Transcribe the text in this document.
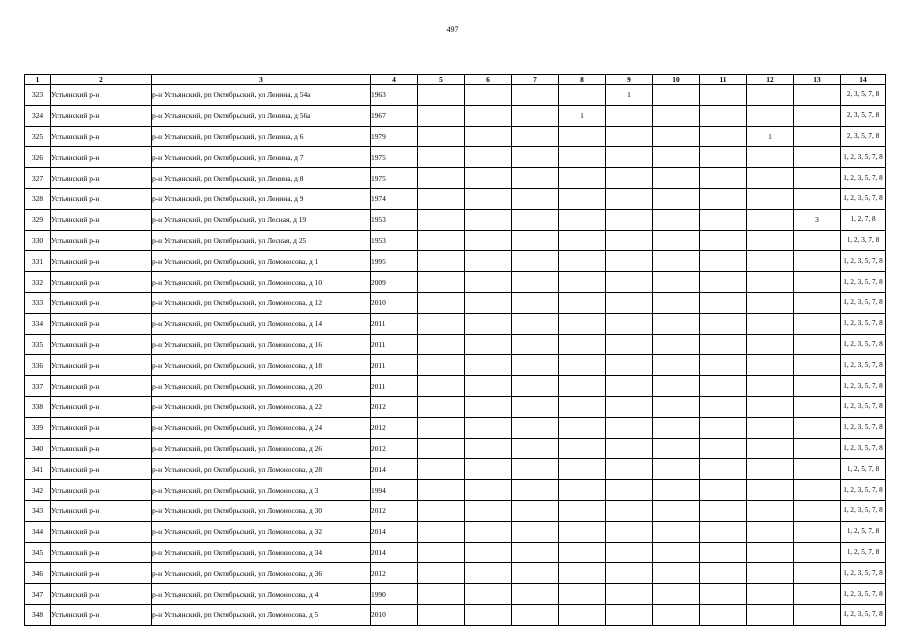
497
1	2	3	4	5	6	7	8	9	10	11	12	13	14
323	Устьянский р-н	р-н Устьянский, рп Октябрьский, ул Ленина, д 54а	1963					1					2, 3, 5, 7, 8
324	Устьянский р-н	р-н Устьянский, рп Октябрьский, ул Ленина, д 56а	1967				1						2, 3, 5, 7, 8
325	Устьянский р-н	р-н Устьянский, рп Октябрьский, ул Ленина, д 6	1979								1		2, 3, 5, 7, 8
326	Устьянский р-н	р-н Устьянский, рп Октябрьский, ул Ленина, д 7	1975										1, 2, 3, 5, 7, 8
327	Устьянский р-н	р-н Устьянский, рп Октябрьский, ул Ленина, д 8	1975										1, 2, 3, 5, 7, 8
328	Устьянский р-н	р-н Устьянский, рп Октябрьский, ул Ленина, д 9	1974										1, 2, 3, 5, 7, 8
329	Устьянский р-н	р-н Устьянский, рп Октябрьский, ул Лесная, д 19	1953									3	1, 2, 7, 8
330	Устьянский р-н	р-н Устьянский, рп Октябрьский, ул Лесная, д 25	1953										1, 2, 3, 7, 8
331	Устьянский р-н	р-н Устьянский, рп Октябрьский, ул Ломоносова, д 1	1995										1, 2, 3, 5, 7, 8
332	Устьянский р-н	р-н Устьянский, рп Октябрьский, ул Ломоносова, д 10	2009										1, 2, 3, 5, 7, 8
333	Устьянский р-н	р-н Устьянский, рп Октябрьский, ул Ломоносова, д 12	2010										1, 2, 3, 5, 7, 8
334	Устьянский р-н	р-н Устьянский, рп Октябрьский, ул Ломоносова, д 14	2011										1, 2, 3, 5, 7, 8
335	Устьянский р-н	р-н Устьянский, рп Октябрьский, ул Ломоносова, д 16	2011										1, 2, 3, 5, 7, 8
336	Устьянский р-н	р-н Устьянский, рп Октябрьский, ул Ломоносова, д 18	2011										1, 2, 3, 5, 7, 8
337	Устьянский р-н	р-н Устьянский, рп Октябрьский, ул Ломоносова, д 20	2011										1, 2, 3, 5, 7, 8
338	Устьянский р-н	р-н Устьянский, рп Октябрьский, ул Ломоносова, д 22	2012										1, 2, 3, 5, 7, 8
339	Устьянский р-н	р-н Устьянский, рп Октябрьский, ул Ломоносова, д 24	2012										1, 2, 3, 5, 7, 8
340	Устьянский р-н	р-н Устьянский, рп Октябрьский, ул Ломоносова, д 26	2012										1, 2, 3, 5, 7, 8
341	Устьянский р-н	р-н Устьянский, рп Октябрьский, ул Ломоносова, д 28	2014										1, 2, 5, 7, 8
342	Устьянский р-н	р-н Устьянский, рп Октябрьский, ул Ломоносова, д 3	1994										1, 2, 3, 5, 7, 8
343	Устьянский р-н	р-н Устьянский, рп Октябрьский, ул Ломоносова, д 30	2012										1, 2, 3, 5, 7, 8
344	Устьянский р-н	р-н Устьянский, рп Октябрьский, ул Ломоносова, д 32	2014										1, 2, 5, 7, 8
345	Устьянский р-н	р-н Устьянский, рп Октябрьский, ул Ломоносова, д 34	2014										1, 2, 5, 7, 8
346	Устьянский р-н	р-н Устьянский, рп Октябрьский, ул Ломоносова, д 36	2012										1, 2, 3, 5, 7, 8
347	Устьянский р-н	р-н Устьянский, рп Октябрьский, ул Ломоносова, д 4	1990										1, 2, 3, 5, 7, 8
348	Устьянский р-н	р-н Устьянский, рп Октябрьский, ул Ломоносова, д 5	2010										1, 2, 3, 5, 7, 8
